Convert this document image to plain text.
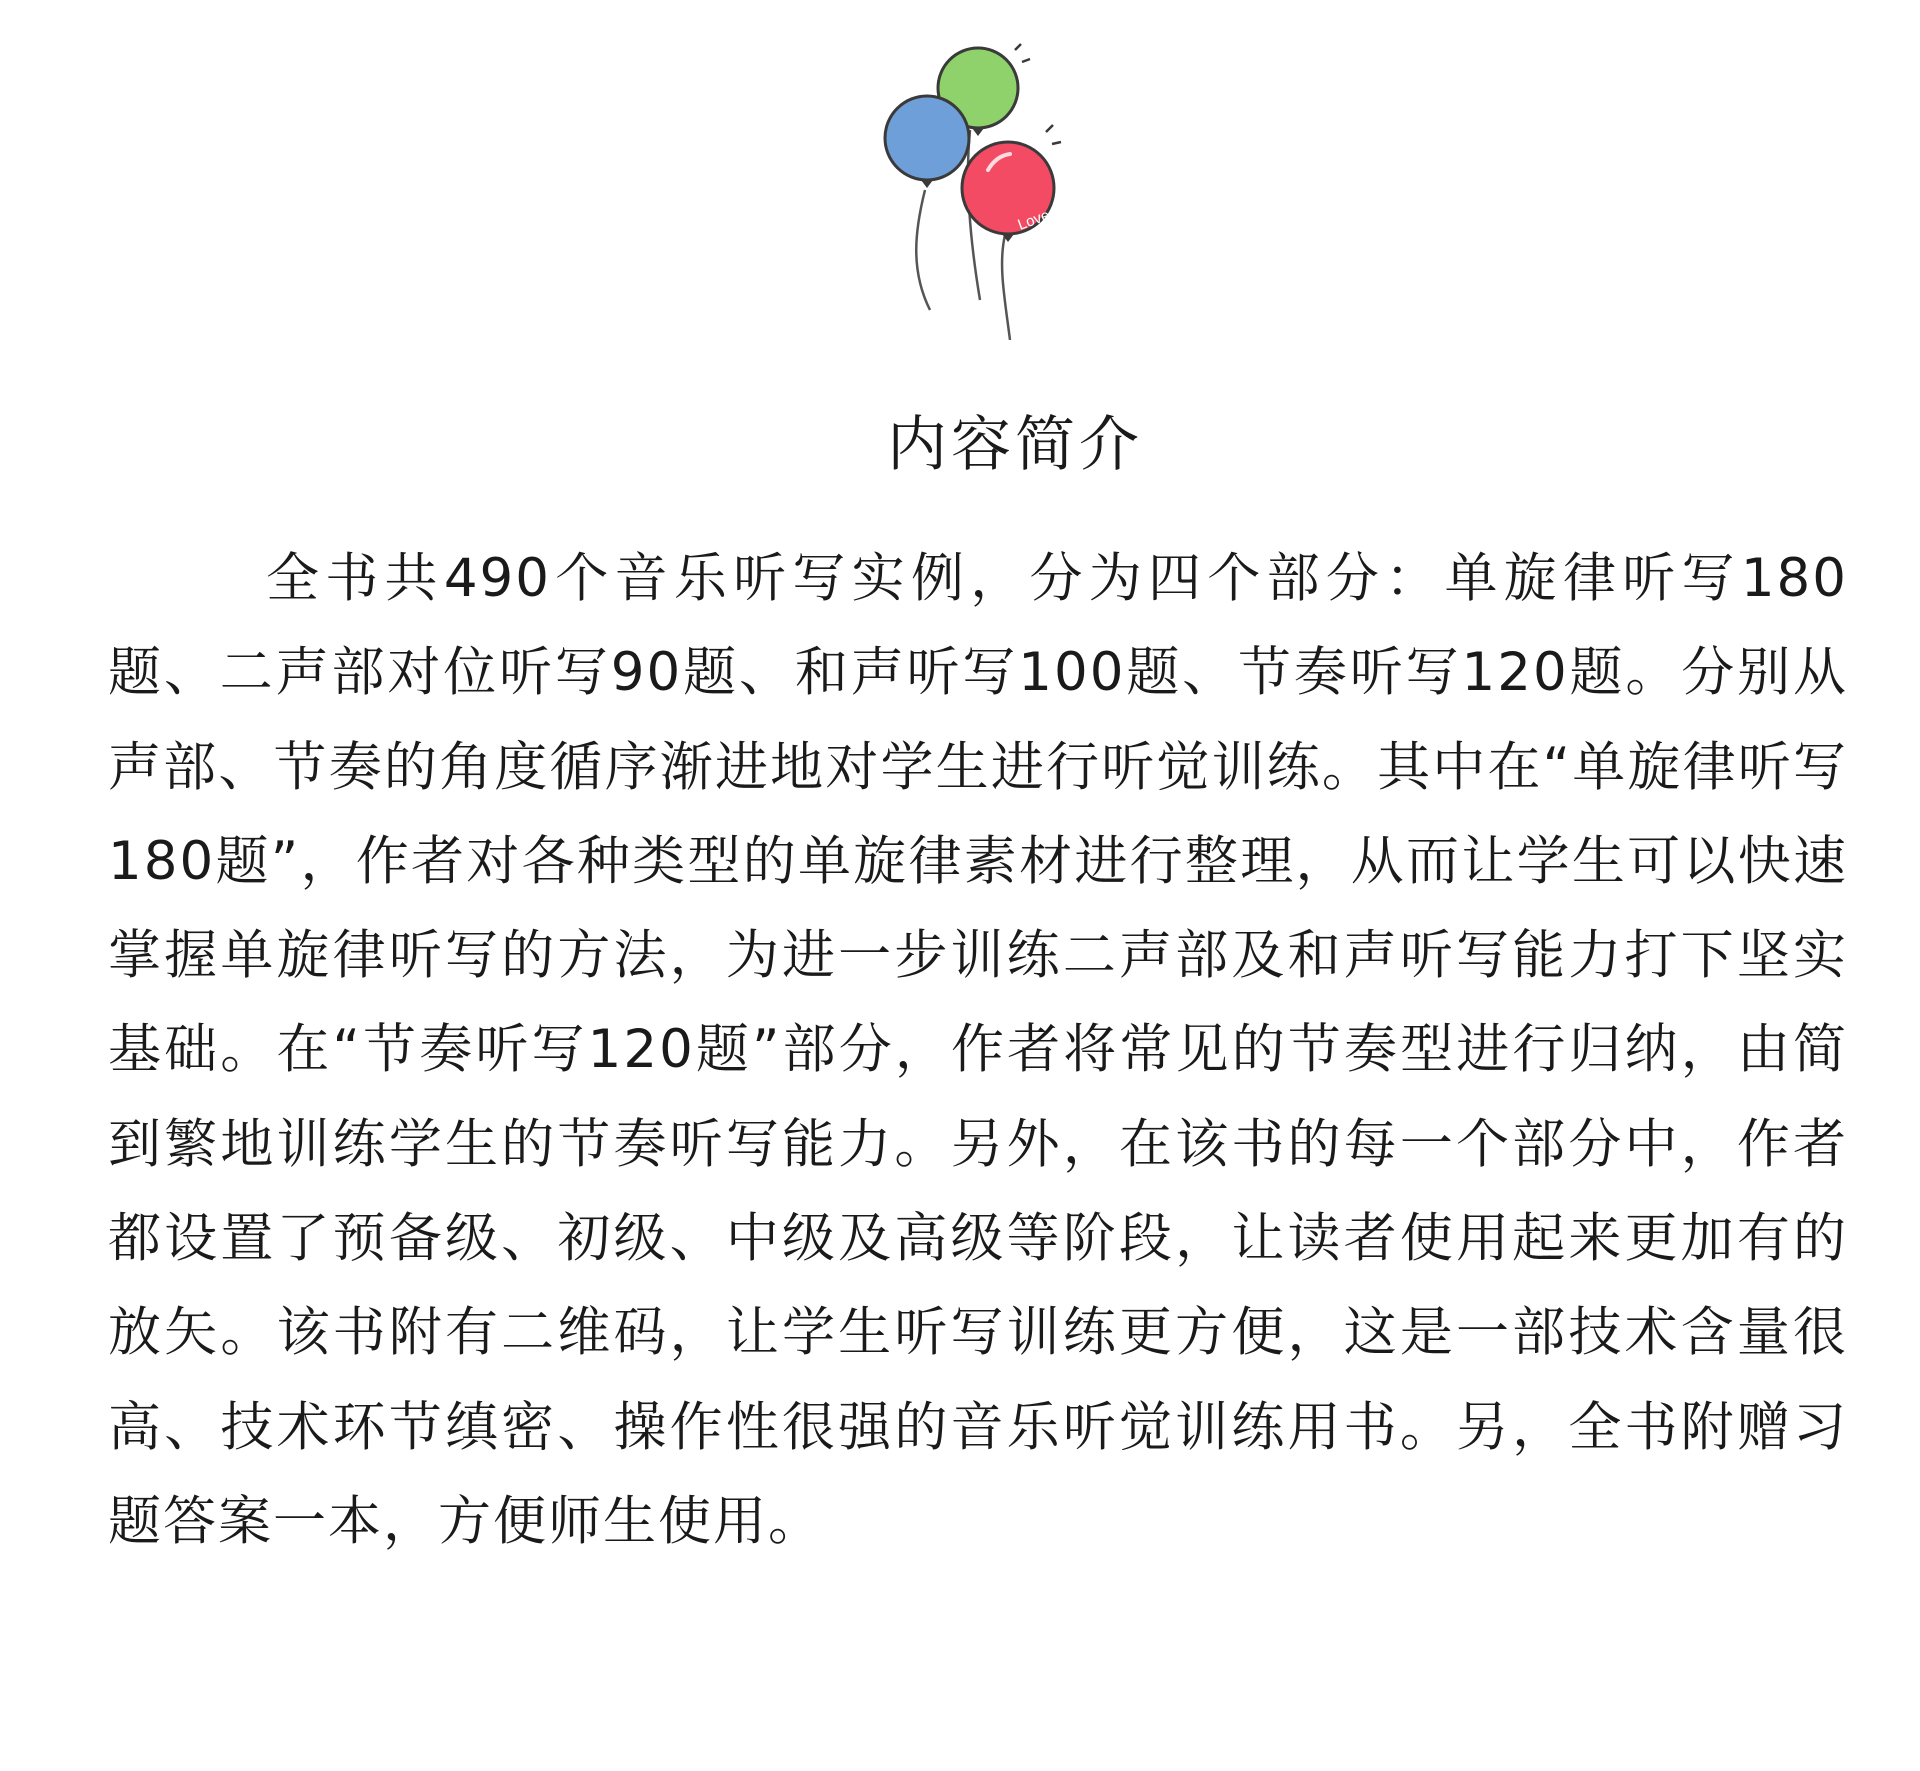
Love
内容简介

全书共490个音乐听写实例，分为四个部分：单旋律听写180题、二声部对位听写90题、和声听写100题、节奏听写120题。分别从声部、节奏的角度循序渐进地对学生进行听觉训练。其中在“单旋律听写180题”，作者对各种类型的单旋律素材进行整理，从而让学生可以快速掌握单旋律听写的方法，为进一步训练二声部及和声听写能力打下坚实基础。在“节奏听写120题”部分，作者将常见的节奏型进行归纳，由简到繁地训练学生的节奏听写能力。另外，在该书的每一个部分中，作者都设置了预备级、初级、中级及高级等阶段，让读者使用起来更加有的放矢。该书附有二维码，让学生听写训练更方便，这是一部技术含量很高、技术环节缜密、操作性很强的音乐听觉训练用书。另，全书附赠习题答案一本，方便师生使用。
